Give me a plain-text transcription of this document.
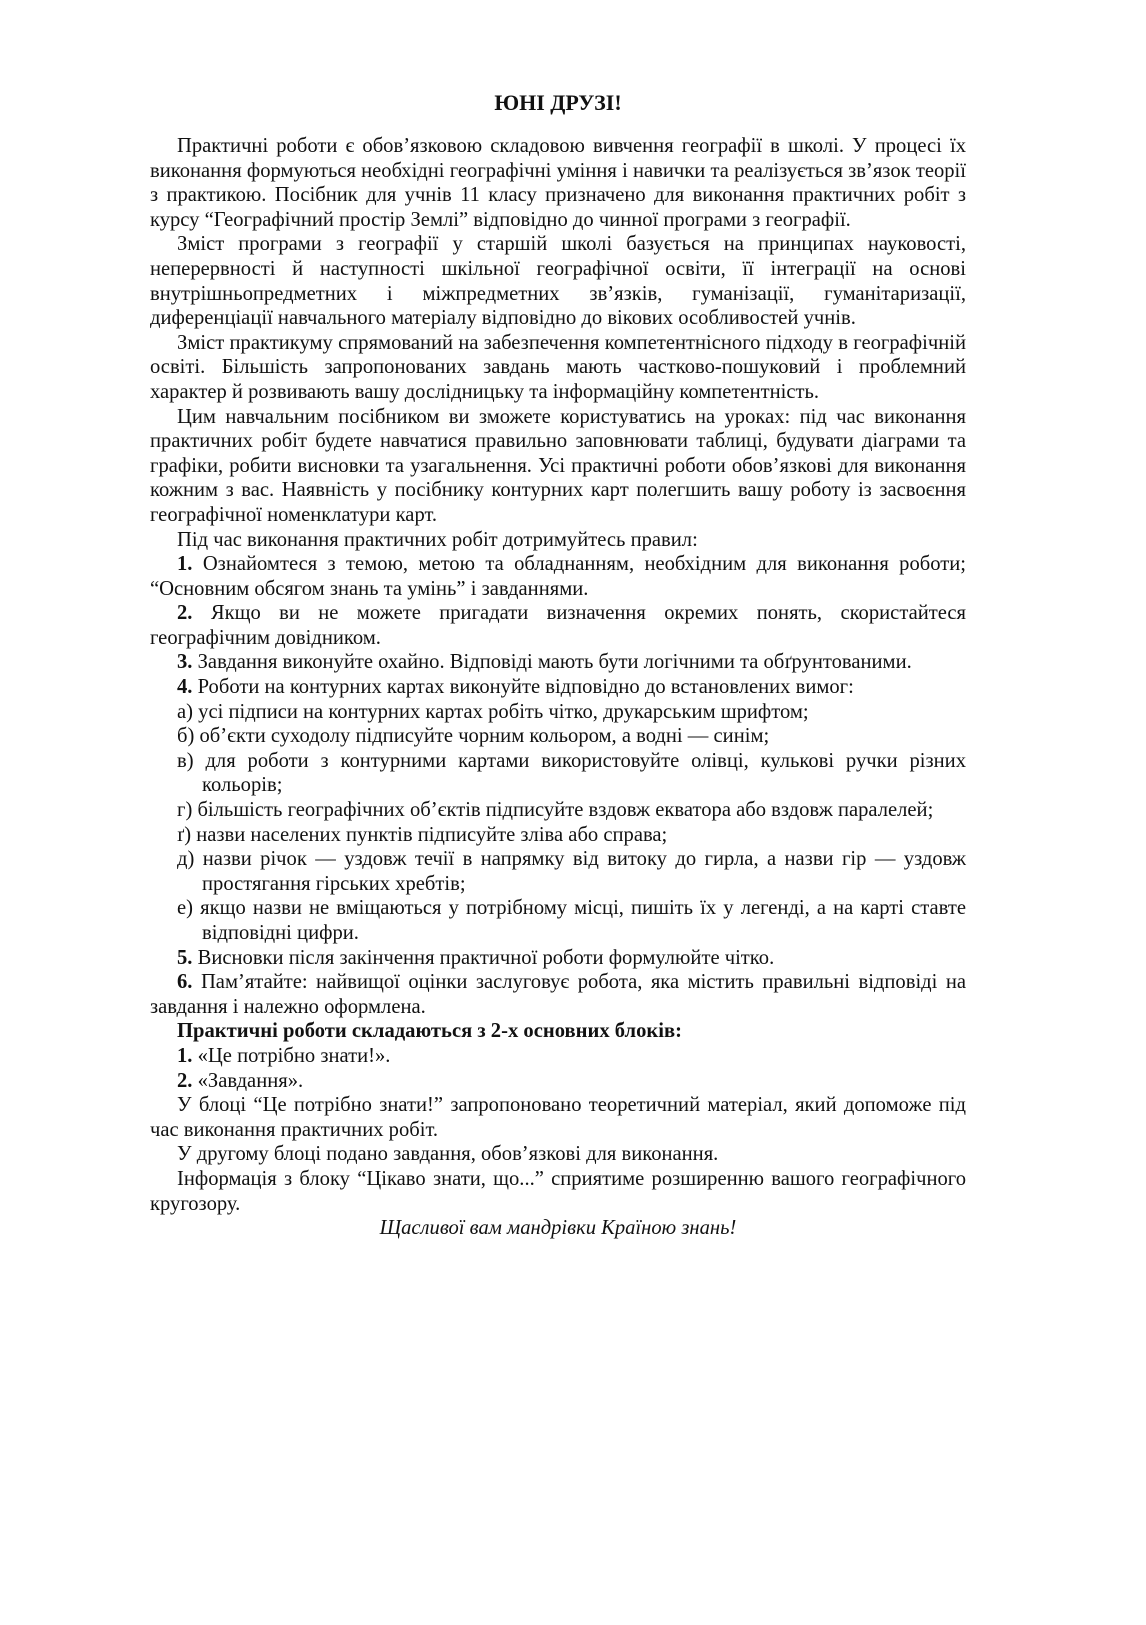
ЮНІ ДРУЗІ!

Практичні роботи є обов’язковою складовою вивчення географії в школі. У процесі їх виконання формуються необхідні географічні уміння і навички та реалізується зв’язок теорії з практикою. Посібник для учнів 11 класу призначено для виконання практичних робіт з курсу “Географічний простір Землі” відповідно до чинної програми з географії.

Зміст програми з географії у старшій школі базується на принципах науковості, неперервності й наступності шкільної географічної освіти, її інтеграції на основі внутрішньопредметних і міжпредметних зв’язків, гуманізації, гуманітаризації, диференціації навчального матеріалу відповідно до вікових особливостей учнів.

Зміст практикуму спрямований на забезпечення компетентнісного підходу в географічній освіті. Більшість запропонованих завдань мають частково-пошуковий і проблемний характер й розвивають вашу дослідницьку та інформаційну компетентність.

Цим навчальним посібником ви зможете користуватись на уроках: під час виконання практичних робіт будете навчатися правильно заповнювати таблиці, будувати діаграми та графіки, робити висновки та узагальнення. Усі практичні роботи обов’язкові для виконання кожним з вас. Наявність у посібнику контурних карт полегшить вашу роботу із засвоєння географічної номенклатури карт.

Під час виконання практичних робіт дотримуйтесь правил:

1. Ознайомтеся з темою, метою та обладнанням, необхідним для виконання роботи; “Основним обсягом знань та умінь” і завданнями.

2. Якщо ви не можете пригадати визначення окремих понять, скористайтеся географічним довідником.

3. Завдання виконуйте охайно. Відповіді мають бути логічними та обґрунтованими.

4. Роботи на контурних картах виконуйте відповідно до встановлених вимог:

а) усі підписи на контурних картах робіть чітко, друкарським шрифтом;

б) об’єкти суходолу підписуйте чорним кольором, а водні — синім;

в) для роботи з контурними картами використовуйте олівці, кулькові ручки різних кольорів;

г) більшість географічних об’єктів підписуйте вздовж екватора або вздовж паралелей;

ґ) назви населених пунктів підписуйте зліва або справа;

д) назви річок — уздовж течії в напрямку від витоку до гирла, а назви гір — уздовж простягання гірських хребтів;

е) якщо назви не вміщаються у потрібному місці, пишіть їх у легенді, а на карті ставте відповідні цифри.

5. Висновки після закінчення практичної роботи формулюйте чітко.

6. Пам’ятайте: найвищої оцінки заслуговує робота, яка містить правильні відповіді на завдання і належно оформлена.

Практичні роботи складаються з 2-х основних блоків:

1. «Це потрібно знати!».

2. «Завдання».

У блоці “Це потрібно знати!” запропоновано теоретичний матеріал, який допоможе під час виконання практичних робіт.

У другому блоці подано завдання, обов’язкові для виконання.

Інформація з блоку “Цікаво знати, що...” сприятиме розширенню вашого географічного кругозору.

Щасливої вам мандрівки Країною знань!
